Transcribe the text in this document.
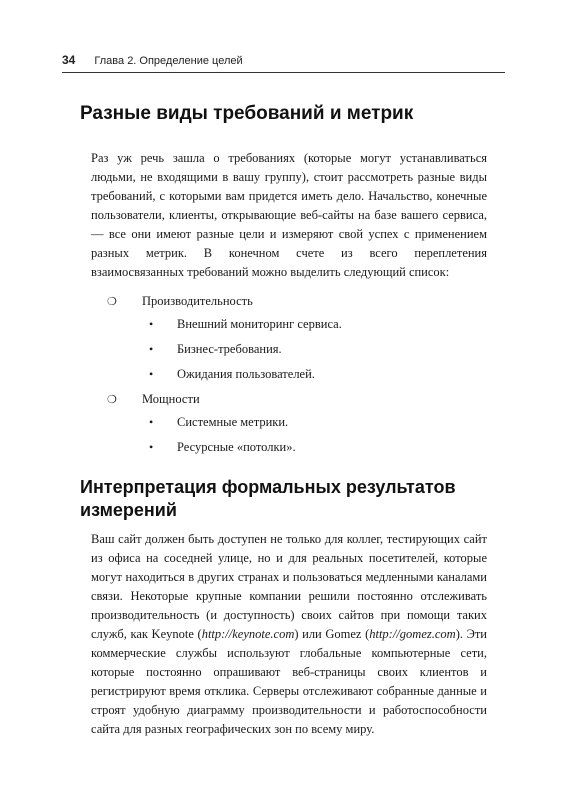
34 Глава 2. Определение целей
Разные виды требований и метрик

Раз уж речь зашла о требованиях (которые могут устанавливаться людьми, не входящими в вашу группу), стоит рассмотреть разные виды требований, с которыми вам придется иметь дело. Начальство, конечные пользователи, клиенты, открывающие веб-сайты на базе вашего сервиса, — все они имеют разные цели и измеряют свой успех с применением разных метрик. В конечном счете из всего переплетения взаимосвязанных требований можно выделить следующий список:

❍ Производительность
• Внешний мониторинг сервиса.
• Бизнес-требования.
• Ожидания пользователей.
❍ Мощности
• Системные метрики.
• Ресурсные «потолки».
Интерпретация формальных результатов измерений

Ваш сайт должен быть доступен не только для коллег, тестирующих сайт из офиса на соседней улице, но и для реальных посетителей, которые могут находиться в других странах и пользоваться медленными каналами связи. Некоторые крупные компании решили постоянно отслеживать производительность (и доступность) своих сайтов при помощи таких служб, как Keynote (http://keynote.com) или Gomez (http://gomez.com). Эти коммерческие службы используют глобальные компьютерные сети, которые постоянно опрашивают веб-страницы своих клиентов и регистрируют время отклика. Серверы отслеживают собранные данные и строят удобную диаграмму производительности и работоспособности сайта для разных географических зон по всему миру.
